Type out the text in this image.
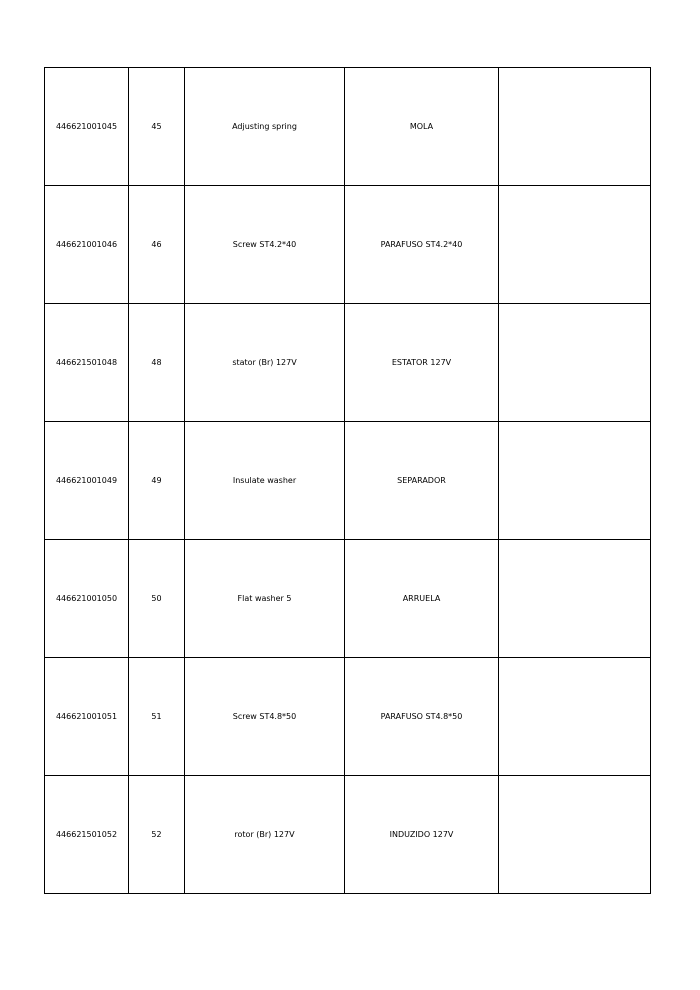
446621001045	45	Adjusting spring	MOLA	
446621001046	46	Screw ST4.2*40	PARAFUSO ST4.2*40	
446621501048	48	stator (Br) 127V	ESTATOR 127V	
446621001049	49	Insulate washer	SEPARADOR	
446621001050	50	Flat washer 5	ARRUELA	
446621001051	51	Screw ST4.8*50	PARAFUSO ST4.8*50	
446621501052	52	rotor (Br) 127V	INDUZIDO 127V	
